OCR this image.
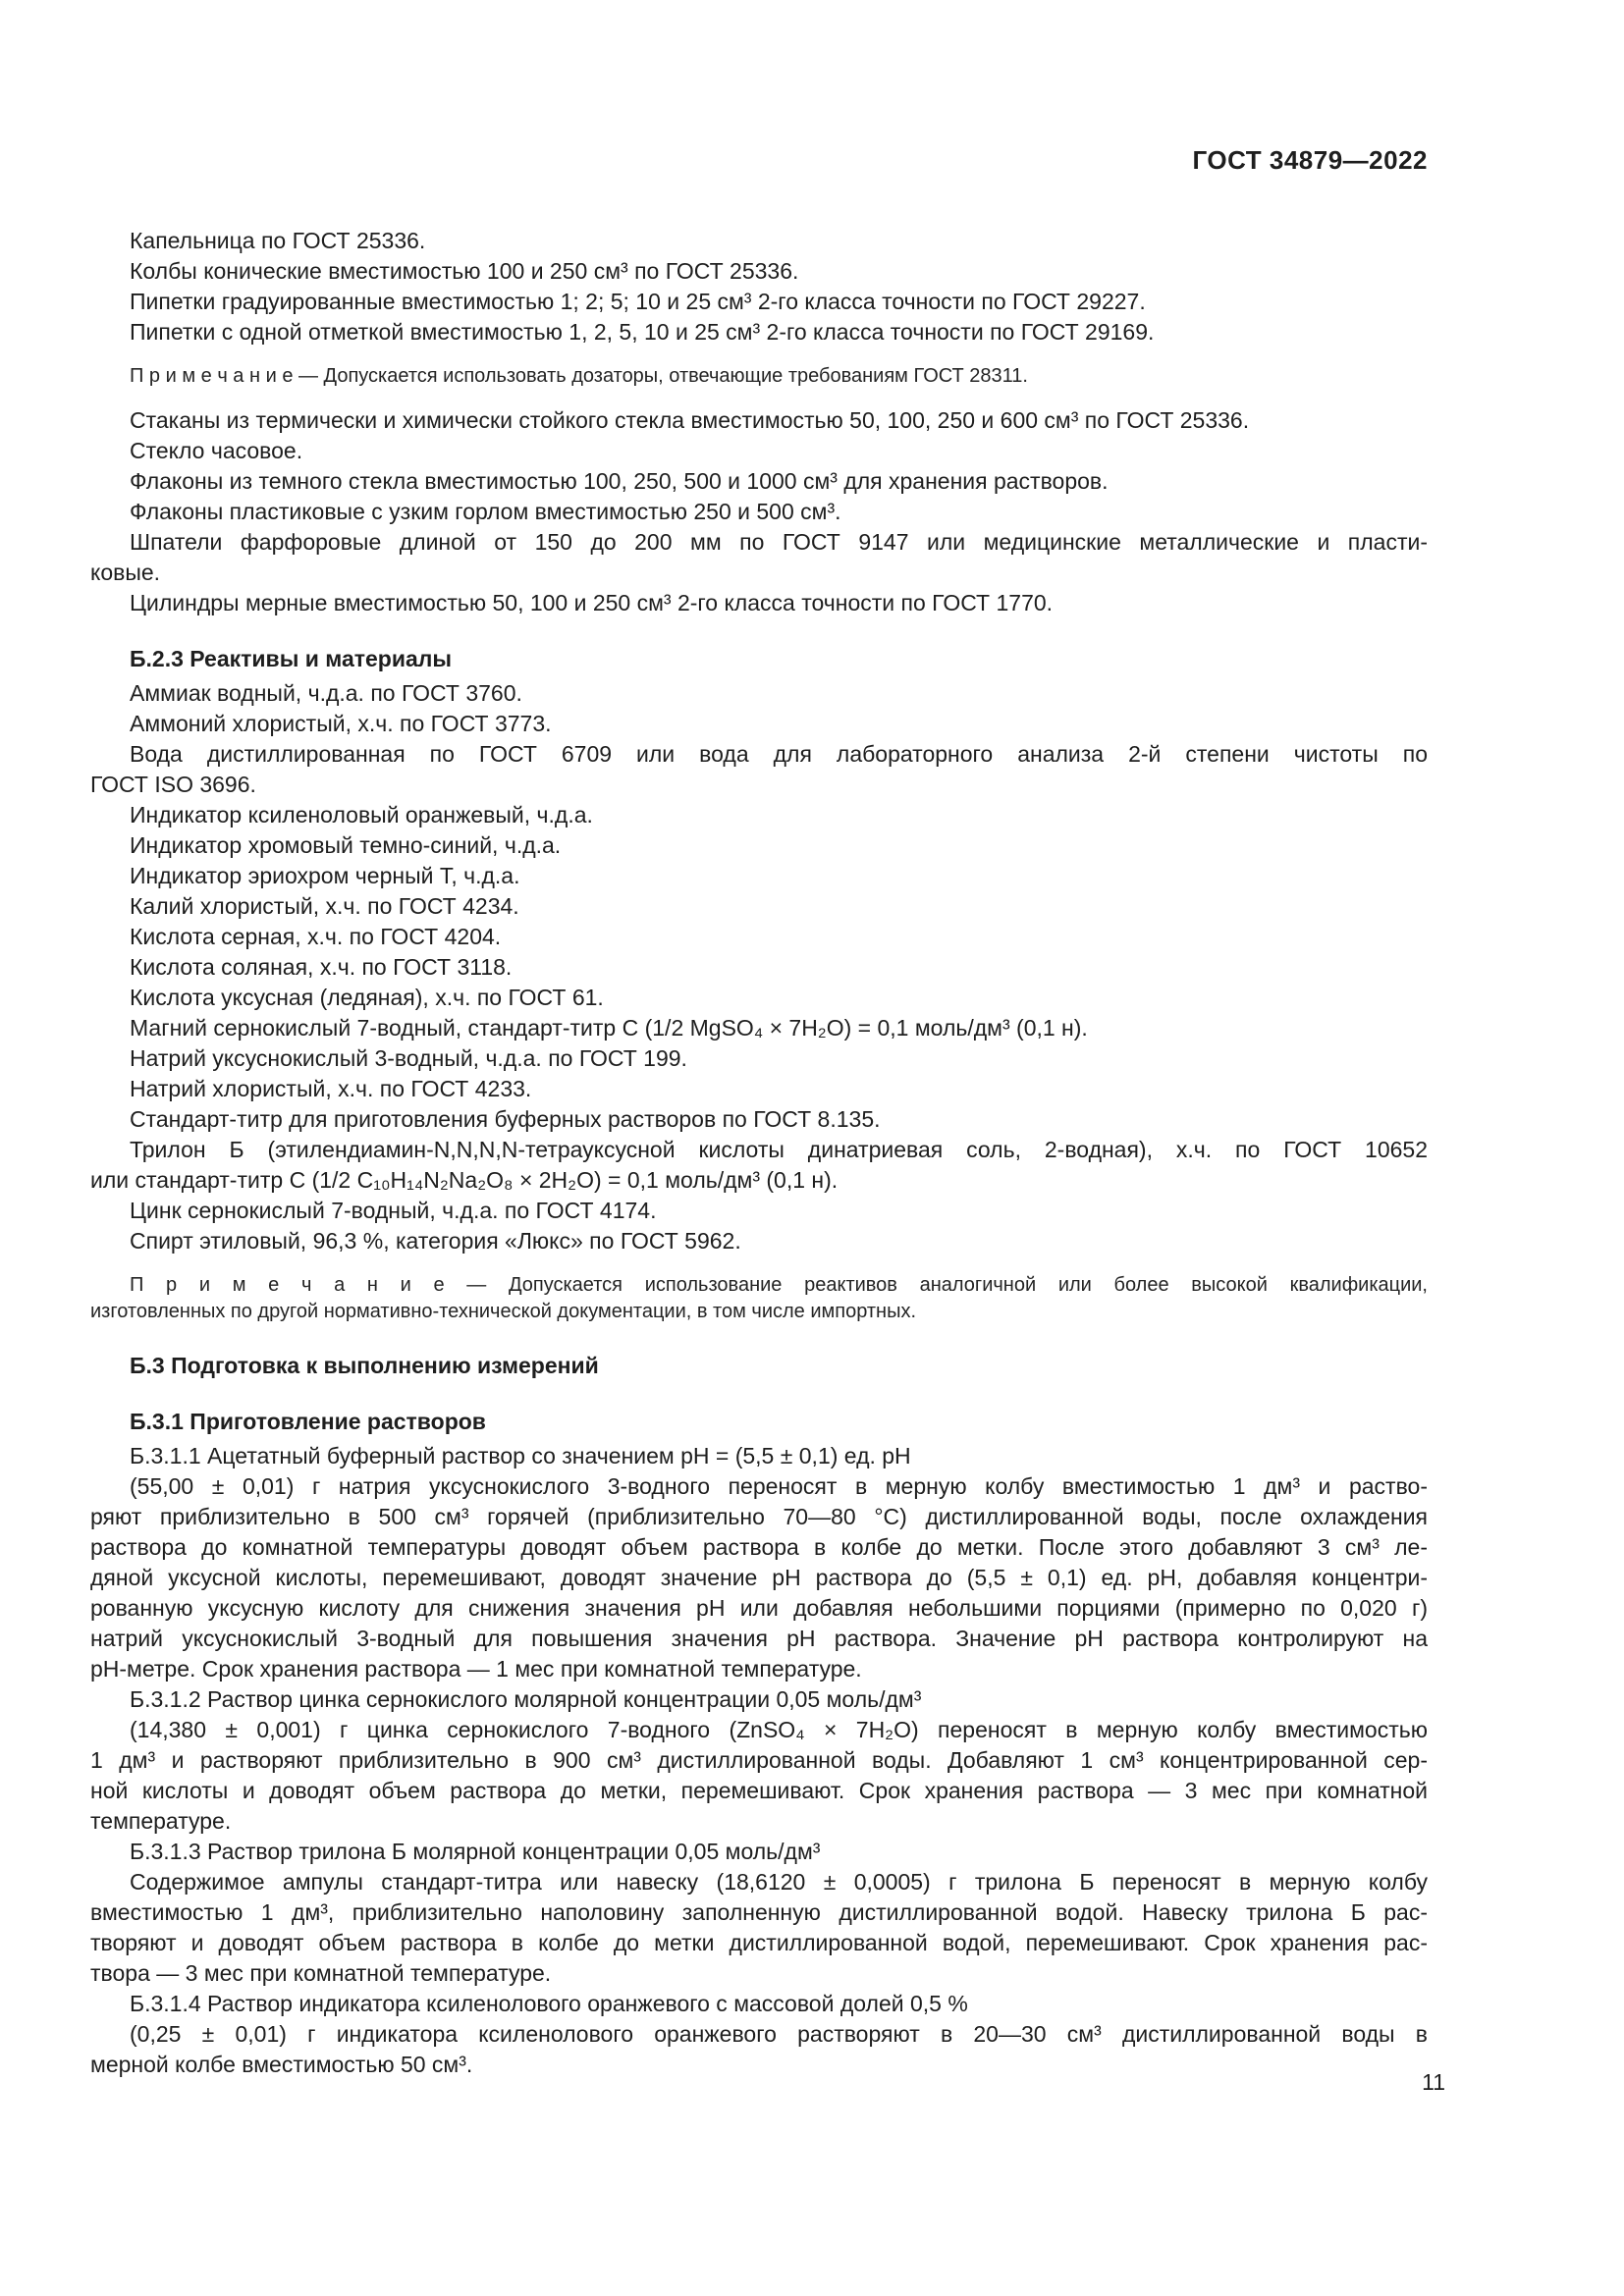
ГОСТ 34879—2022
Капельница по ГОСТ 25336.
Колбы конические вместимостью 100 и 250 см³ по ГОСТ 25336.
Пипетки градуированные вместимостью 1; 2; 5; 10 и 25 см³ 2-го класса точности по ГОСТ 29227.
Пипетки с одной отметкой вместимостью 1, 2, 5, 10 и 25 см³ 2-го класса точности по ГОСТ 29169.
П р и м е ч а н и е — Допускается использовать дозаторы, отвечающие требованиям ГОСТ 28311.
Стаканы из термически и химически стойкого стекла вместимостью 50, 100, 250 и 600 см³ по ГОСТ 25336.
Стекло часовое.
Флаконы из темного стекла вместимостью 100, 250, 500 и 1000 см³ для хранения растворов.
Флаконы пластиковые с узким горлом вместимостью 250 и 500 см³.
Шпатели фарфоровые длиной от 150 до 200 мм по ГОСТ 9147 или медицинские металлические и пласти-
ковые.
Цилиндры мерные вместимостью 50, 100 и 250 см³ 2-го класса точности по ГОСТ 1770.
Б.2.3 Реактивы и материалы
Аммиак водный, ч.д.а. по ГОСТ 3760.
Аммоний хлористый, х.ч. по ГОСТ 3773.
Вода дистиллированная по ГОСТ 6709 или вода для лабораторного анализа 2-й степени чистоты по
ГОСТ ISO 3696.
Индикатор ксиленоловый оранжевый, ч.д.а.
Индикатор хромовый темно-синий, ч.д.а.
Индикатор эриохром черный Т, ч.д.а.
Калий хлористый, х.ч. по ГОСТ 4234.
Кислота серная, х.ч. по ГОСТ 4204.
Кислота соляная, х.ч. по ГОСТ 3118.
Кислота уксусная (ледяная), х.ч. по ГОСТ 61.
Магний сернокислый 7-водный, стандарт-титр С (1/2 MgSO₄ × 7H₂O) = 0,1 моль/дм³ (0,1 н).
Натрий уксуснокислый 3-водный, ч.д.а. по ГОСТ 199.
Натрий хлористый, х.ч. по ГОСТ 4233.
Стандарт-титр для приготовления буферных растворов по ГОСТ 8.135.
Трилон Б (этилендиамин-N,N,N,N-тетрауксусной кислоты динатриевая соль, 2-водная), х.ч. по ГОСТ 10652
или стандарт-титр С (1/2 C₁₀H₁₄N₂Na₂O₈ × 2H₂O) = 0,1 моль/дм³ (0,1 н).
Цинк сернокислый 7-водный, ч.д.а. по ГОСТ 4174.
Спирт этиловый, 96,3 %, категория «Люкс» по ГОСТ 5962.
П р и м е ч а н и е — Допускается использование реактивов аналогичной или более высокой квалификации,
изготовленных по другой нормативно-технической документации, в том числе импортных.
Б.3 Подготовка к выполнению измерений
Б.3.1 Приготовление растворов
Б.3.1.1 Ацетатный буферный раствор со значением pH = (5,5 ± 0,1) ед. pH
(55,00 ± 0,01) г натрия уксуснокислого 3-водного переносят в мерную колбу вместимостью 1 дм³ и раство-
ряют приблизительно в 500 см³ горячей (приблизительно 70—80 °С) дистиллированной воды, после охлаждения
раствора до комнатной температуры доводят объем раствора в колбе до метки. После этого добавляют 3 см³ ле-
дяной уксусной кислоты, перемешивают, доводят значение pH раствора до (5,5 ± 0,1) ед. pH, добавляя концентри-
рованную уксусную кислоту для снижения значения pH или добавляя небольшими порциями (примерно по 0,020 г)
натрий уксуснокислый 3-водный для повышения значения pH раствора. Значение pH раствора контролируют на
pH-метре. Срок хранения раствора — 1 мес при комнатной температуре.
Б.3.1.2 Раствор цинка сернокислого молярной концентрации 0,05 моль/дм³
(14,380 ± 0,001) г цинка сернокислого 7-водного (ZnSO₄ × 7H₂O) переносят в мерную колбу вместимостью
1 дм³ и растворяют приблизительно в 900 см³ дистиллированной воды. Добавляют 1 см³ концентрированной сер-
ной кислоты и доводят объем раствора до метки, перемешивают. Срок хранения раствора — 3 мес при комнатной
температуре.
Б.3.1.3 Раствор трилона Б молярной концентрации 0,05 моль/дм³
Содержимое ампулы стандарт-титра или навеску (18,6120 ± 0,0005) г трилона Б переносят в мерную колбу
вместимостью 1 дм³, приблизительно наполовину заполненную дистиллированной водой. Навеску трилона Б рас-
творяют и доводят объем раствора в колбе до метки дистиллированной водой, перемешивают. Срок хранения рас-
твора — 3 мес при комнатной температуре.
Б.3.1.4 Раствор индикатора ксиленолового оранжевого с массовой долей 0,5 %
(0,25 ± 0,01) г индикатора ксиленолового оранжевого растворяют в 20—30 см³ дистиллированной воды в
мерной колбе вместимостью 50 см³.
11
